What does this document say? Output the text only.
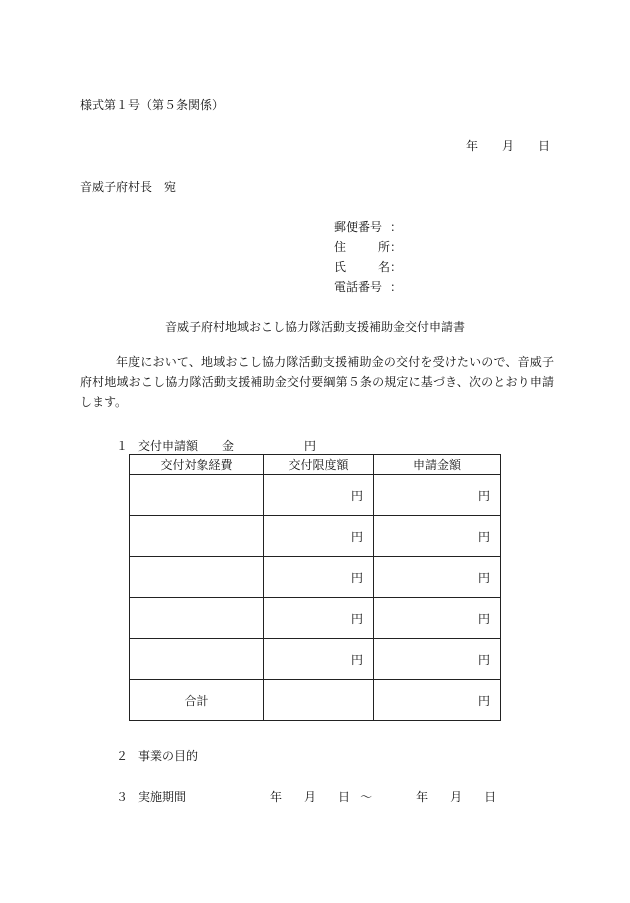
様式第１号（第５条関係）
年 月 日
音威子府村長　宛
郵便番号 ：
住	所 ：
氏	名 ：
電話番号 ：
音威子府村地域おこし協力隊活動支援補助金交付申請書
年度において、地域おこし協力隊活動支援補助金の交付を受けたいので、音威子府村地域おこし協力隊活動支援補助金交付要綱第５条の規定に基づき、次のとおり申請します。
１ 交付申請額 金	円
交付対象経費	交付限度額	申請金額
	円	円
	円	円
	円	円
	円	円
	円	円
合計		円
２ 事業の目的
３ 実施期間	年 月 日 ～	年 月 日
